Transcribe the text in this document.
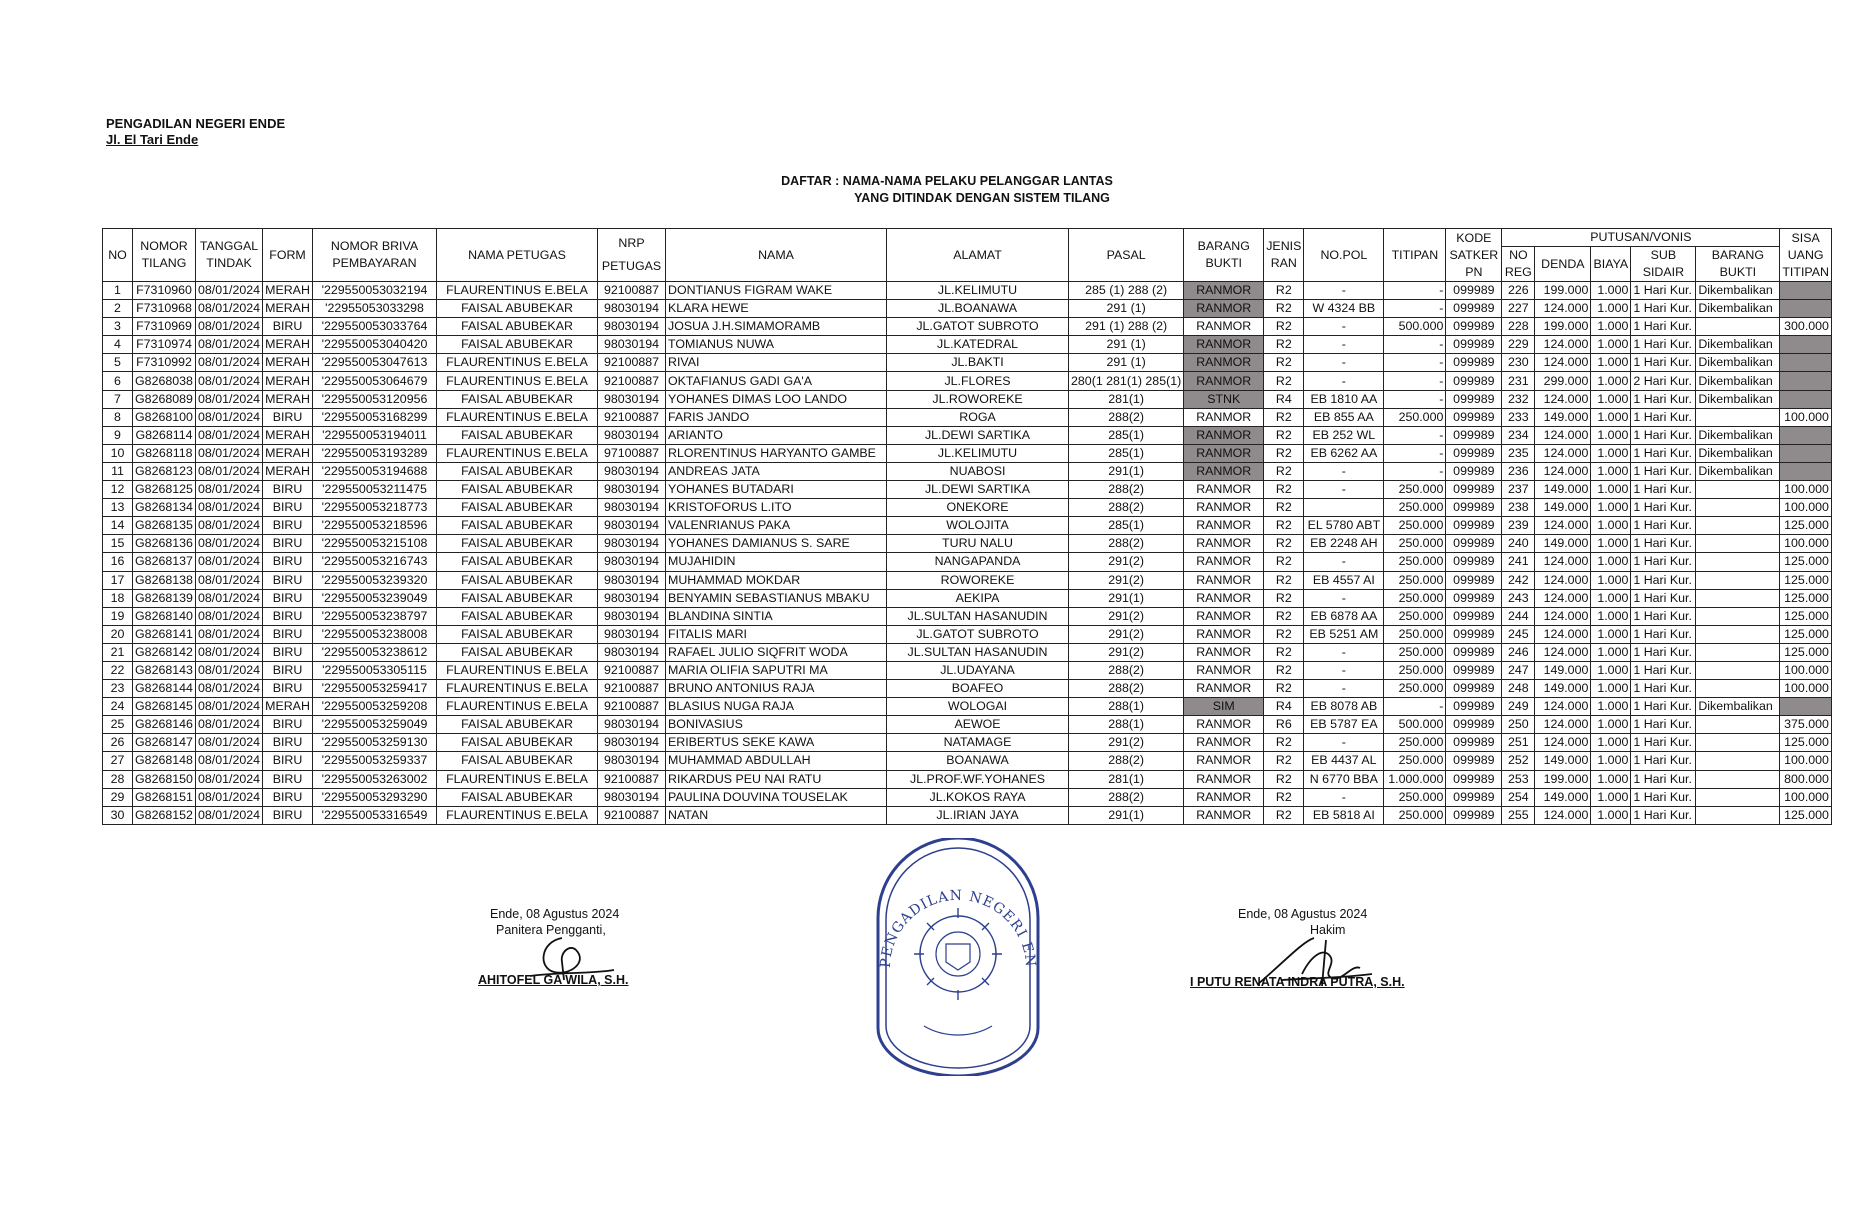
PENGADILAN NEGERI ENDE
Jl. El Tari Ende
DAFTAR : NAMA-NAMA PELAKU PELANGGAR LANTAS
YANG DITINDAK DENGAN SISTEM TILANG
NO	NOMOR TILANG	TANGGAL TINDAK	FORM	NOMOR BRIVA PEMBAYARAN	NAMA PETUGAS	NRP
PETUGAS	NAMA	ALAMAT	PASAL	BARANG BUKTI	JENIS RAN	NO.POL	TITIPAN	KODE SATKER PN	PUTUSAN/VONIS					SISA UANG TITIPAN
															NO REG	DENDA	BIAYA	SUB SIDAIR	BARANG BUKTI	
1	F7310960	08/01/2024	MERAH	'229550053032194	FLAURENTINUS E.BELA	92100887	DONTIANUS FIGRAM WAKE	JL.KELIMUTU	285 (1) 288 (2)	RANMOR	R2	-	-	099989	226	199.000	1.000	1 Hari Kur.	Dikembalikan	
2	F7310968	08/01/2024	MERAH	'22955053033298	FAISAL ABUBEKAR	98030194	KLARA HEWE	JL.BOANAWA	291 (1)	RANMOR	R2	W 4324 BB	-	099989	227	124.000	1.000	1 Hari Kur.	Dikembalikan	
3	F7310969	08/01/2024	BIRU	'229550053033764	FAISAL ABUBEKAR	98030194	JOSUA J.H.SIMAMORAMB	JL.GATOT SUBROTO	291 (1) 288 (2)	RANMOR	R2	-	500.000	099989	228	199.000	1.000	1 Hari Kur.		300.000
4	F7310974	08/01/2024	MERAH	'229550053040420	FAISAL ABUBEKAR	98030194	TOMIANUS NUWA	JL.KATEDRAL	291 (1)	RANMOR	R2	-	-	099989	229	124.000	1.000	1 Hari Kur.	Dikembalikan	
5	F7310992	08/01/2024	MERAH	'229550053047613	FLAURENTINUS E.BELA	92100887	RIVAI	JL.BAKTI	291 (1)	RANMOR	R2	-	-	099989	230	124.000	1.000	1 Hari Kur.	Dikembalikan	
6	G8268038	08/01/2024	MERAH	'229550053064679	FLAURENTINUS E.BELA	92100887	OKTAFIANUS GADI GA'A	JL.FLORES	280(1 281(1) 285(1)	RANMOR	R2	-	-	099989	231	299.000	1.000	2 Hari Kur.	Dikembalikan	
7	G8268089	08/01/2024	MERAH	'229550053120956	FAISAL ABUBEKAR	98030194	YOHANES DIMAS LOO LANDO	JL.ROWOREKE	281(1)	STNK	R4	EB 1810 AA	-	099989	232	124.000	1.000	1 Hari Kur.	Dikembalikan	
8	G8268100	08/01/2024	BIRU	'229550053168299	FLAURENTINUS E.BELA	92100887	FARIS JANDO	ROGA	288(2)	RANMOR	R2	EB 855 AA	250.000	099989	233	149.000	1.000	1 Hari Kur.		100.000
9	G8268114	08/01/2024	MERAH	'229550053194011	FAISAL ABUBEKAR	98030194	ARIANTO	JL.DEWI SARTIKA	285(1)	RANMOR	R2	EB 252 WL	-	099989	234	124.000	1.000	1 Hari Kur.	Dikembalikan	
10	G8268118	08/01/2024	MERAH	'229550053193289	FLAURENTINUS E.BELA	97100887	RLORENTINUS HARYANTO GAMBE	JL.KELIMUTU	285(1)	RANMOR	R2	EB 6262 AA	-	099989	235	124.000	1.000	1 Hari Kur.	Dikembalikan	
11	G8268123	08/01/2024	MERAH	'229550053194688	FAISAL ABUBEKAR	98030194	ANDREAS JATA	NUABOSI	291(1)	RANMOR	R2	-	-	099989	236	124.000	1.000	1 Hari Kur.	Dikembalikan	
12	G8268125	08/01/2024	BIRU	'229550053211475	FAISAL ABUBEKAR	98030194	YOHANES BUTADARI	JL.DEWI SARTIKA	288(2)	RANMOR	R2	-	250.000	099989	237	149.000	1.000	1 Hari Kur.		100.000
13	G8268134	08/01/2024	BIRU	'229550053218773	FAISAL ABUBEKAR	98030194	KRISTOFORUS L.ITO	ONEKORE	288(2)	RANMOR	R2		250.000	099989	238	149.000	1.000	1 Hari Kur.		100.000
14	G8268135	08/01/2024	BIRU	'229550053218596	FAISAL ABUBEKAR	98030194	VALENRIANUS PAKA	WOLOJITA	285(1)	RANMOR	R2	EL 5780 ABT	250.000	099989	239	124.000	1.000	1 Hari Kur.		125.000
15	G8268136	08/01/2024	BIRU	'229550053215108	FAISAL ABUBEKAR	98030194	YOHANES DAMIANUS S. SARE	TURU NALU	288(2)	RANMOR	R2	EB 2248 AH	250.000	099989	240	149.000	1.000	1 Hari Kur.		100.000
16	G8268137	08/01/2024	BIRU	'229550053216743	FAISAL ABUBEKAR	98030194	MUJAHIDIN	NANGAPANDA	291(2)	RANMOR	R2	-	250.000	099989	241	124.000	1.000	1 Hari Kur.		125.000
17	G8268138	08/01/2024	BIRU	'229550053239320	FAISAL ABUBEKAR	98030194	MUHAMMAD MOKDAR	ROWOREKE	291(2)	RANMOR	R2	EB 4557 AI	250.000	099989	242	124.000	1.000	1 Hari Kur.		125.000
18	G8268139	08/01/2024	BIRU	'229550053239049	FAISAL ABUBEKAR	98030194	BENYAMIN SEBASTIANUS MBAKU	AEKIPA	291(1)	RANMOR	R2	-	250.000	099989	243	124.000	1.000	1 Hari Kur.		125.000
19	G8268140	08/01/2024	BIRU	'229550053238797	FAISAL ABUBEKAR	98030194	BLANDINA SINTIA	JL.SULTAN HASANUDIN	291(2)	RANMOR	R2	EB 6878 AA	250.000	099989	244	124.000	1.000	1 Hari Kur.		125.000
20	G8268141	08/01/2024	BIRU	'229550053238008	FAISAL ABUBEKAR	98030194	FITALIS MARI	JL.GATOT SUBROTO	291(2)	RANMOR	R2	EB 5251 AM	250.000	099989	245	124.000	1.000	1 Hari Kur.		125.000
21	G8268142	08/01/2024	BIRU	'229550053238612	FAISAL ABUBEKAR	98030194	RAFAEL JULIO SIQFRIT WODA	JL.SULTAN HASANUDIN	291(2)	RANMOR	R2	-	250.000	099989	246	124.000	1.000	1 Hari Kur.		125.000
22	G8268143	08/01/2024	BIRU	'229550053305115	FLAURENTINUS E.BELA	92100887	MARIA OLIFIA SAPUTRI MA	JL.UDAYANA	288(2)	RANMOR	R2	-	250.000	099989	247	149.000	1.000	1 Hari Kur.		100.000
23	G8268144	08/01/2024	BIRU	'229550053259417	FLAURENTINUS E.BELA	92100887	BRUNO ANTONIUS RAJA	BOAFEO	288(2)	RANMOR	R2	-	250.000	099989	248	149.000	1.000	1 Hari Kur.		100.000
24	G8268145	08/01/2024	MERAH	'229550053259208	FLAURENTINUS E.BELA	92100887	BLASIUS NUGA RAJA	WOLOGAI	288(1)	SIM	R4	EB 8078 AB	-	099989	249	124.000	1.000	1 Hari Kur.	Dikembalikan	
25	G8268146	08/01/2024	BIRU	'229550053259049	FAISAL ABUBEKAR	98030194	BONIVASIUS	AEWOE	288(1)	RANMOR	R6	EB 5787 EA	500.000	099989	250	124.000	1.000	1 Hari Kur.		375.000
26	G8268147	08/01/2024	BIRU	'229550053259130	FAISAL ABUBEKAR	98030194	ERIBERTUS SEKE KAWA	NATAMAGE	291(2)	RANMOR	R2	-	250.000	099989	251	124.000	1.000	1 Hari Kur.		125.000
27	G8268148	08/01/2024	BIRU	'229550053259337	FAISAL ABUBEKAR	98030194	MUHAMMAD ABDULLAH	BOANAWA	288(2)	RANMOR	R2	EB 4437 AL	250.000	099989	252	149.000	1.000	1 Hari Kur.		100.000
28	G8268150	08/01/2024	BIRU	'229550053263002	FLAURENTINUS E.BELA	92100887	RIKARDUS PEU NAI RATU	JL.PROF.WF.YOHANES	281(1)	RANMOR	R2	N 6770 BBA	1.000.000	099989	253	199.000	1.000	1 Hari Kur.		800.000
29	G8268151	08/01/2024	BIRU	'229550053293290	FAISAL ABUBEKAR	98030194	PAULINA DOUVINA TOUSELAK	JL.KOKOS RAYA	288(2)	RANMOR	R2	-	250.000	099989	254	149.000	1.000	1 Hari Kur.		100.000
30	G8268152	08/01/2024	BIRU	'229550053316549	FLAURENTINUS E.BELA	92100887	NATAN	JL.IRIAN JAYA	291(1)	RANMOR	R2	EB 5818 AI	250.000	099989	255	124.000	1.000	1 Hari Kur.		125.000
Ende, 08 Agustus 2024
Panitera Pengganti,
AHITOFEL GA WILA, S.H.
PENGADILAN NEGERI EN
Ende, 08 Agustus 2024
Hakim
I PUTU RENATA INDRA PUTRA, S.H.
